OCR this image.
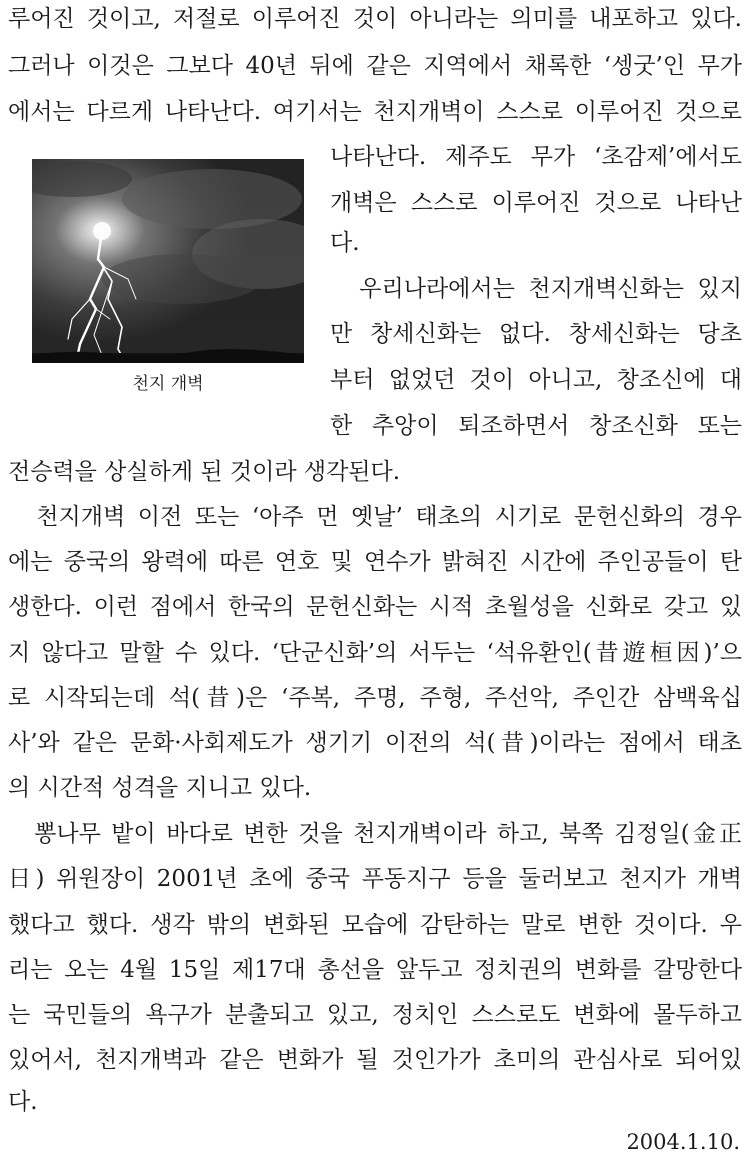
루어진 것이고, 저절로 이루어진 것이 아니라는 의미를 내포하고 있다.
그러나 이것은 그보다 40년 뒤에 같은 지역에서 채록한 ‘셍굿’인 무가
에서는 다르게 나타난다. 여기서는 천지개벽이 스스로 이루어진 것으로
나타난다. 제주도 무가 ‘초감제’에서도
개벽은 스스로 이루어진 것으로 나타난
다.
　우리나라에서는 천지개벽신화는 있지
만 창세신화는 없다. 창세신화는 당초
부터 없었던 것이 아니고, 창조신에 대
한 추앙이 퇴조하면서 창조신화 또는
전승력을 상실하게 된 것이라 생각된다.
　천지개벽 이전 또는 ‘아주 먼 옛날’ 태초의 시기로 문헌신화의 경우
에는 중국의 왕력에 따른 연호 및 연수가 밝혀진 시간에 주인공들이 탄
생한다. 이런 점에서 한국의 문헌신화는 시적 초월성을 신화로 갖고 있
지 않다고 말할 수 있다. ‘단군신화’의 서두는 ‘석유환인(昔遊桓因)’으
로 시작되는데 석(昔)은 ‘주복, 주명, 주형, 주선악, 주인간 삼백육십
사’와 같은 문화·사회제도가 생기기 이전의 석(昔)이라는 점에서 태초
의 시간적 성격을 지니고 있다.
　뽕나무 밭이 바다로 변한 것을 천지개벽이라 하고, 북쪽 김정일(金正
日) 위원장이 2001년 초에 중국 푸동지구 등을 둘러보고 천지가 개벽
했다고 했다. 생각 밖의 변화된 모습에 감탄하는 말로 변한 것이다. 우
리는 오는 4월 15일 제17대 총선을 앞두고 정치권의 변화를 갈망한다
는 국민들의 욕구가 분출되고 있고, 정치인 스스로도 변화에 몰두하고
있어서, 천지개벽과 같은 변화가 될 것인가가 초미의 관심사로 되어있
다.
천지 개벽
2004.1.10.
